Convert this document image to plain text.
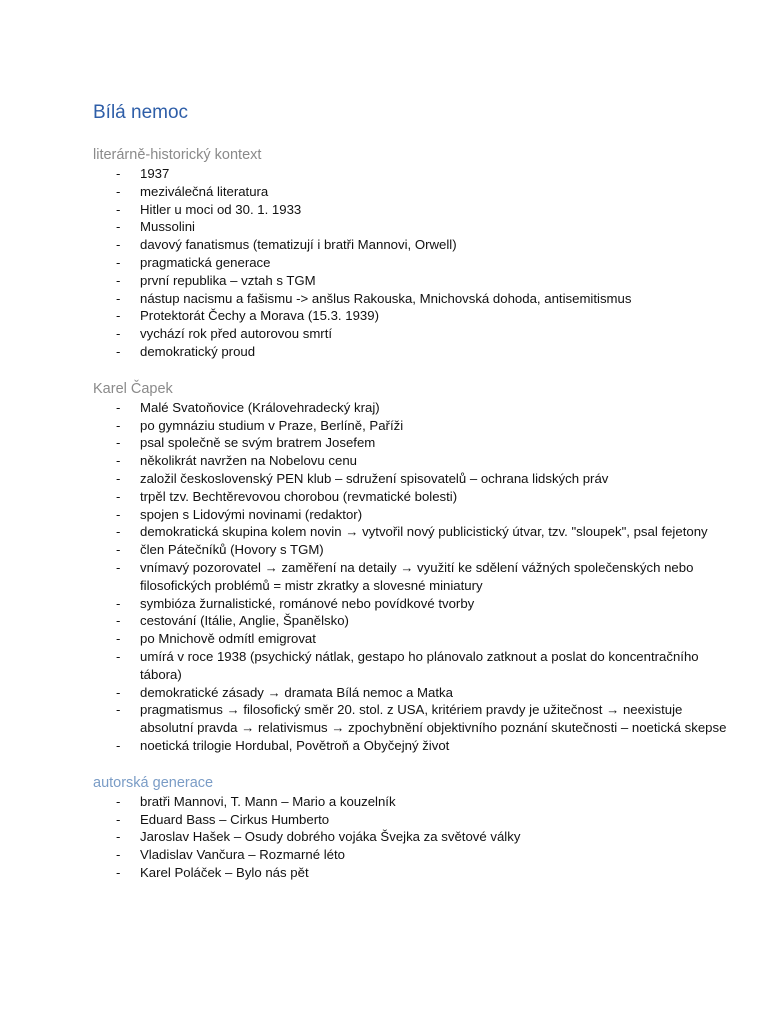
Bílá nemoc
literárně-historický kontext
- 1937
- meziválečná literatura
- Hitler u moci od 30. 1. 1933
- Mussolini
- davový fanatismus (tematizují i bratři Mannovi, Orwell)
- pragmatická generace
- první republika – vztah s TGM
- nástup nacismu a fašismu -> anšlus Rakouska, Mnichovská dohoda, antisemitismus
- Protektorát Čechy a Morava (15.3. 1939)
- vychází rok před autorovou smrtí
- demokratický proud
Karel Čapek
- Malé Svatoňovice (Královehradecký kraj)
- po gymnáziu studium v Praze, Berlíně, Paříži
- psal společně se svým bratrem Josefem
- několikrát navržen na Nobelovu cenu
- založil československý PEN klub – sdružení spisovatelů – ochrana lidských práv
- trpěl tzv. Bechtěrevovou chorobou (revmatické bolesti)
- spojen s Lidovými novinami (redaktor)
- demokratická skupina kolem novin → vytvořil nový publicistický útvar, tzv. "sloupek", psal fejetony
- člen Pátečníků (Hovory s TGM)
- vnímavý pozorovatel → zaměření na detaily → využití ke sdělení vážných společenských nebo filosofických problémů = mistr zkratky a slovesné miniatury
- symbióza žurnalistické, románové nebo povídkové tvorby
- cestování (Itálie, Anglie, Španělsko)
- po Mnichově odmítl emigrovat
- umírá v roce 1938 (psychický nátlak, gestapo ho plánovalo zatknout a poslat do koncentračního tábora)
- demokratické zásady → dramata Bílá nemoc a Matka
- pragmatismus → filosofický směr 20. stol. z USA, kritériem pravdy je užitečnost → neexistuje absolutní pravda → relativismus → zpochybnění objektivního poznání skutečnosti – noetická skepse
- noetická trilogie Hordubal, Povětroň a Obyčejný život
autorská generace
- bratři Mannovi, T. Mann – Mario a kouzelník
- Eduard Bass – Cirkus Humberto
- Jaroslav Hašek – Osudy dobrého vojáka Švejka za světové války
- Vladislav Vančura – Rozmarné léto
- Karel Poláček – Bylo nás pět
